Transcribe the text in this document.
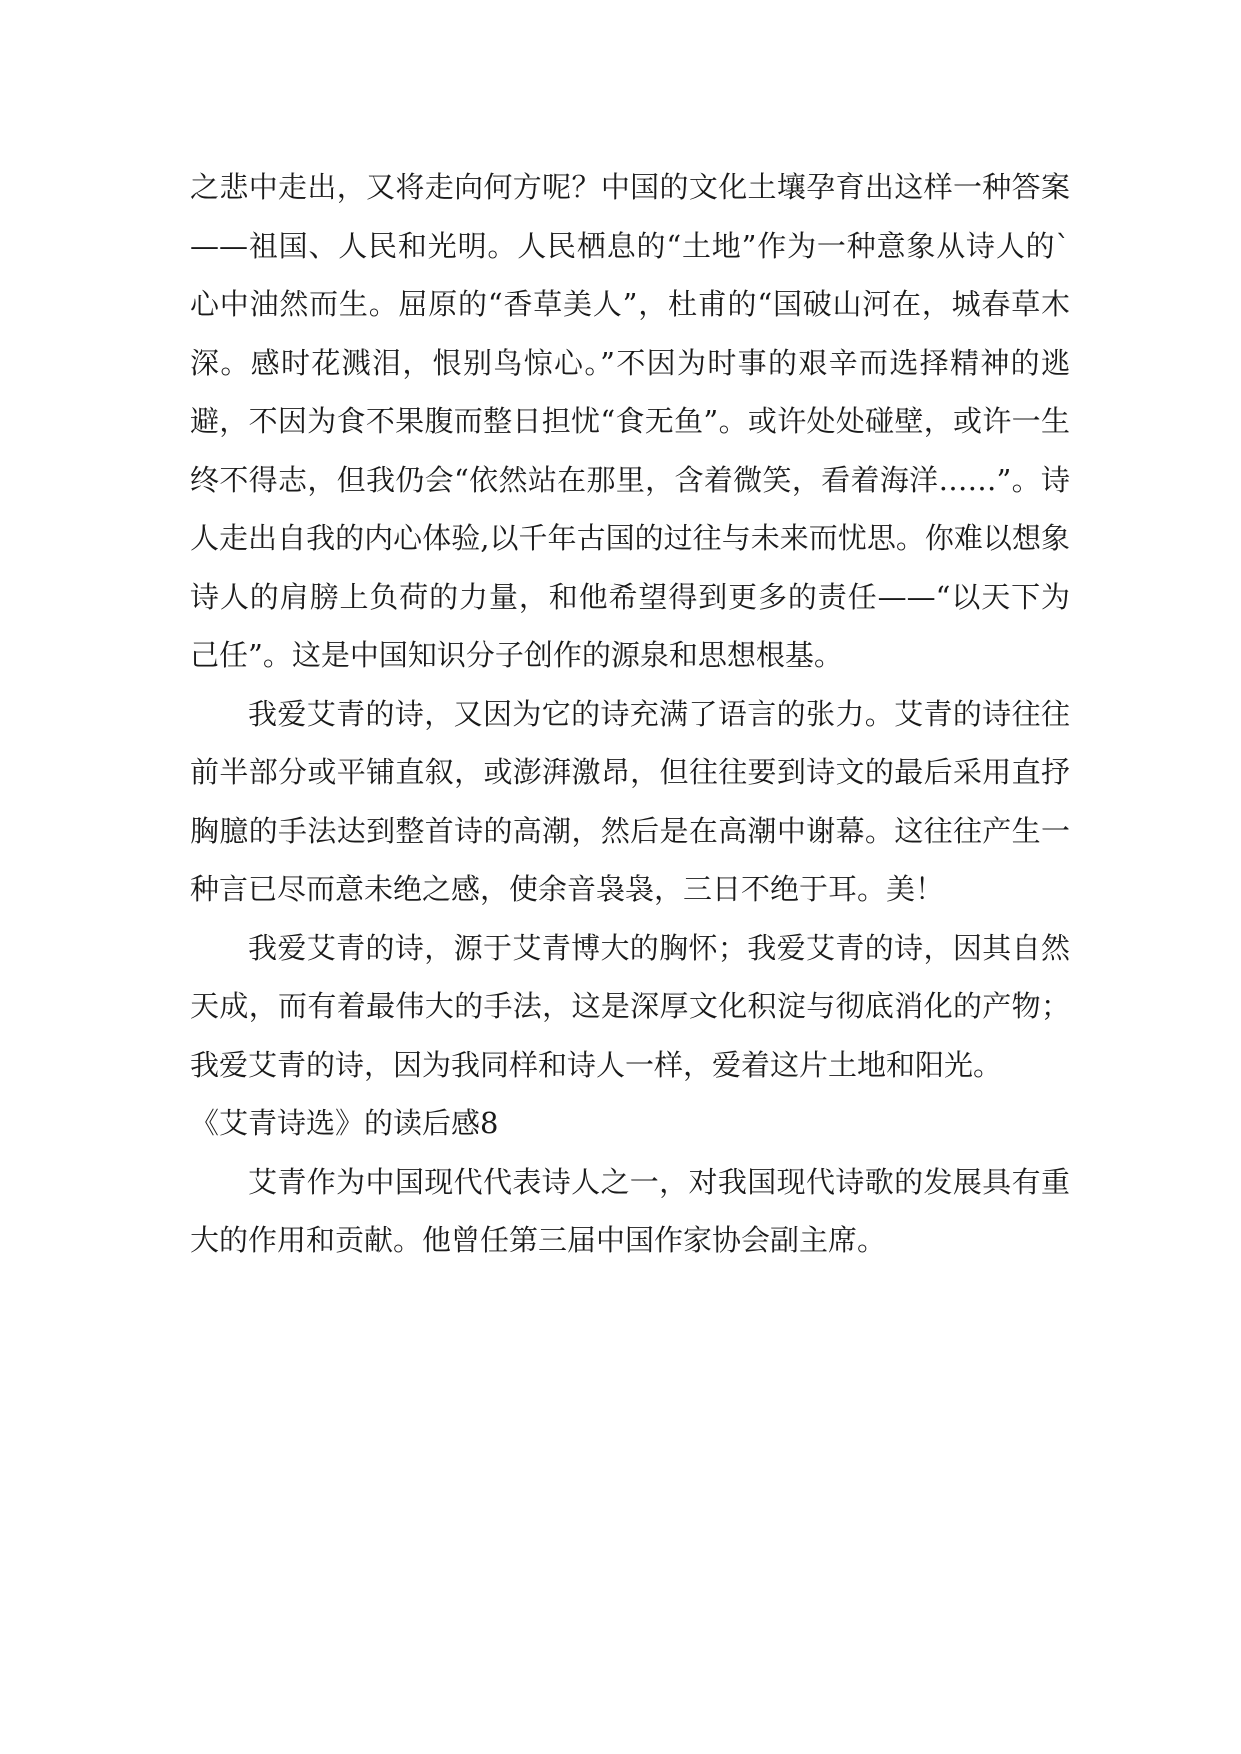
之悲中走出，又将走向何方呢？中国的文化土壤孕育出这样一种答案——祖国、人民和光明。人民栖息的“土地”作为一种意象从诗人的`心中油然而生。屈原的“香草美人”，杜甫的“国破山河在，城春草木深。感时花溅泪，恨别鸟惊心。”不因为时事的艰辛而选择精神的逃避，不因为食不果腹而整日担忧“食无鱼”。或许处处碰壁，或许一生终不得志，但我仍会“依然站在那里，含着微笑，看着海洋……”。诗人走出自我的内心体验,以千年古国的过往与未来而忧思。你难以想象诗人的肩膀上负荷的力量，和他希望得到更多的责任——“以天下为己任”。这是中国知识分子创作的源泉和思想根基。

我爱艾青的诗，又因为它的诗充满了语言的张力。艾青的诗往往前半部分或平铺直叙，或澎湃激昂，但往往要到诗文的最后采用直抒胸臆的手法达到整首诗的高潮，然后是在高潮中谢幕。这往往产生一种言已尽而意未绝之感，使余音袅袅，三日不绝于耳。美！

我爱艾青的诗，源于艾青博大的胸怀；我爱艾青的诗，因其自然天成，而有着最伟大的手法，这是深厚文化积淀与彻底消化的产物； 我爱艾青的诗，因为我同样和诗人一样，爱着这片土地和阳光。

《艾青诗选》的读后感8

艾青作为中国现代代表诗人之一，对我国现代诗歌的发展具有重大的作用和贡献。他曾任第三届中国作家协会副主席。
